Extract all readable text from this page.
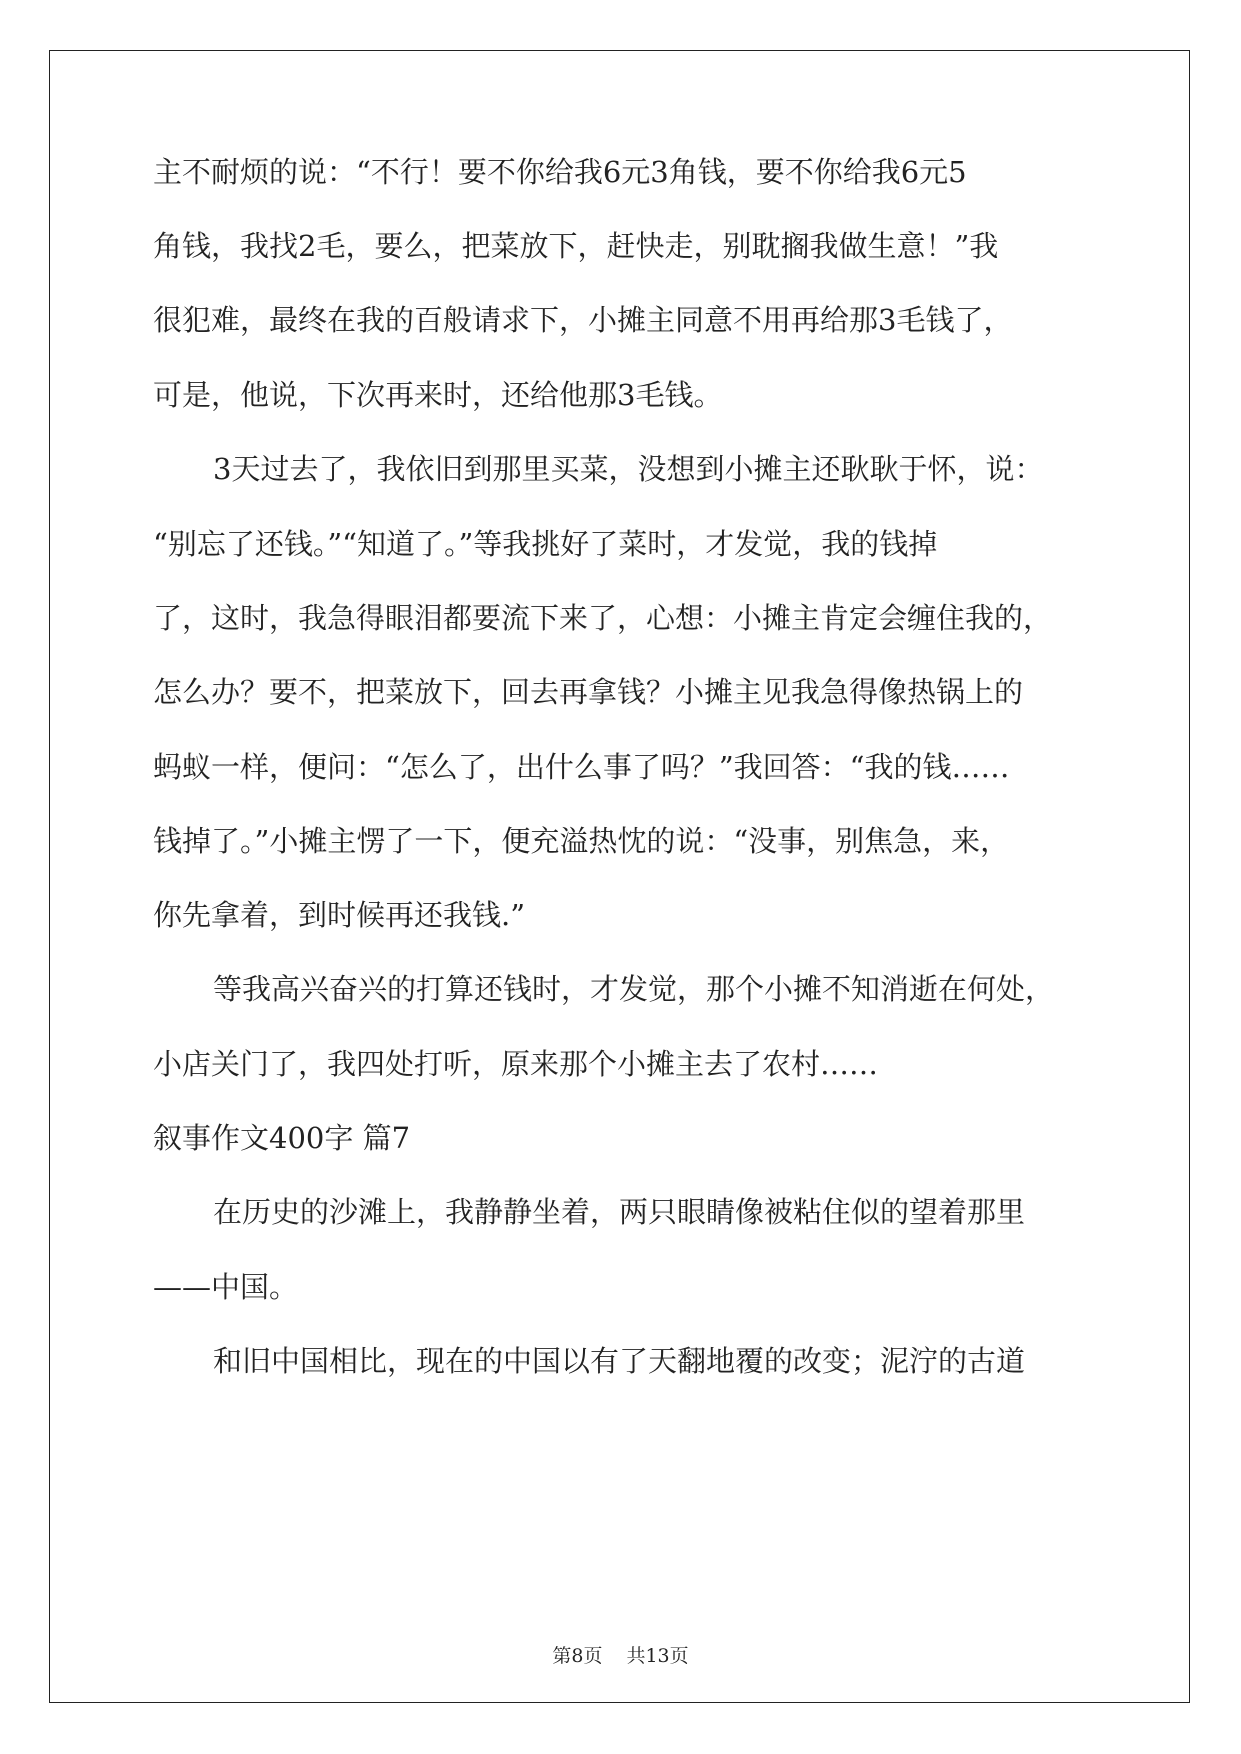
主不耐烦的说：“不行！要不你给我6元3角钱，要不你给我6元5

角钱，我找2毛，要么，把菜放下，赶快走，别耽搁我做生意！”我

很犯难，最终在我的百般请求下，小摊主同意不用再给那3毛钱了，

可是，他说，下次再来时，还给他那3毛钱。

3天过去了，我依旧到那里买菜，没想到小摊主还耿耿于怀，说：

“别忘了还钱。”“知道了。”等我挑好了菜时，才发觉，我的钱掉

了，这时，我急得眼泪都要流下来了，心想：小摊主肯定会缠住我的，

怎么办？要不，把菜放下，回去再拿钱？小摊主见我急得像热锅上的

蚂蚁一样，便问：“怎么了，出什么事了吗？”我回答：“我的钱……

钱掉了。”小摊主愣了一下，便充溢热忱的说：“没事，别焦急，来，

你先拿着，到时候再还我钱.”

等我高兴奋兴的打算还钱时，才发觉，那个小摊不知消逝在何处，

小店关门了，我四处打听，原来那个小摊主去了农村……

叙事作文400字 篇7

在历史的沙滩上，我静静坐着，两只眼睛像被粘住似的望着那里

——中国。

和旧中国相比，现在的中国以有了天翻地覆的改变；泥泞的古道

第8页 共13页
